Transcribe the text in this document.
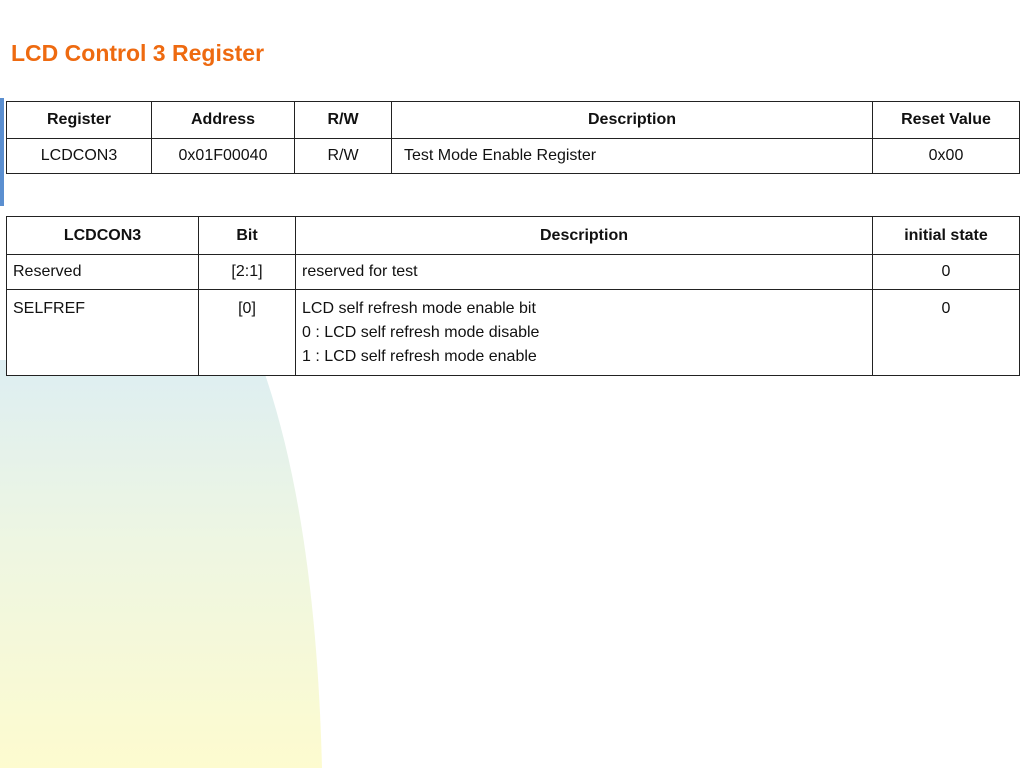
LCD Control 3 Register
Register	Address	R/W	Description	Reset Value
LCDCON3	0x01F00040	R/W	Test Mode Enable Register	0x00
LCDCON3	Bit	Description	initial state
Reserved	[2:1]	reserved for test	0
SELFREF	[0]	LCD self refresh mode enable bit
0 : LCD self refresh mode disable
1 : LCD self refresh mode enable	0
